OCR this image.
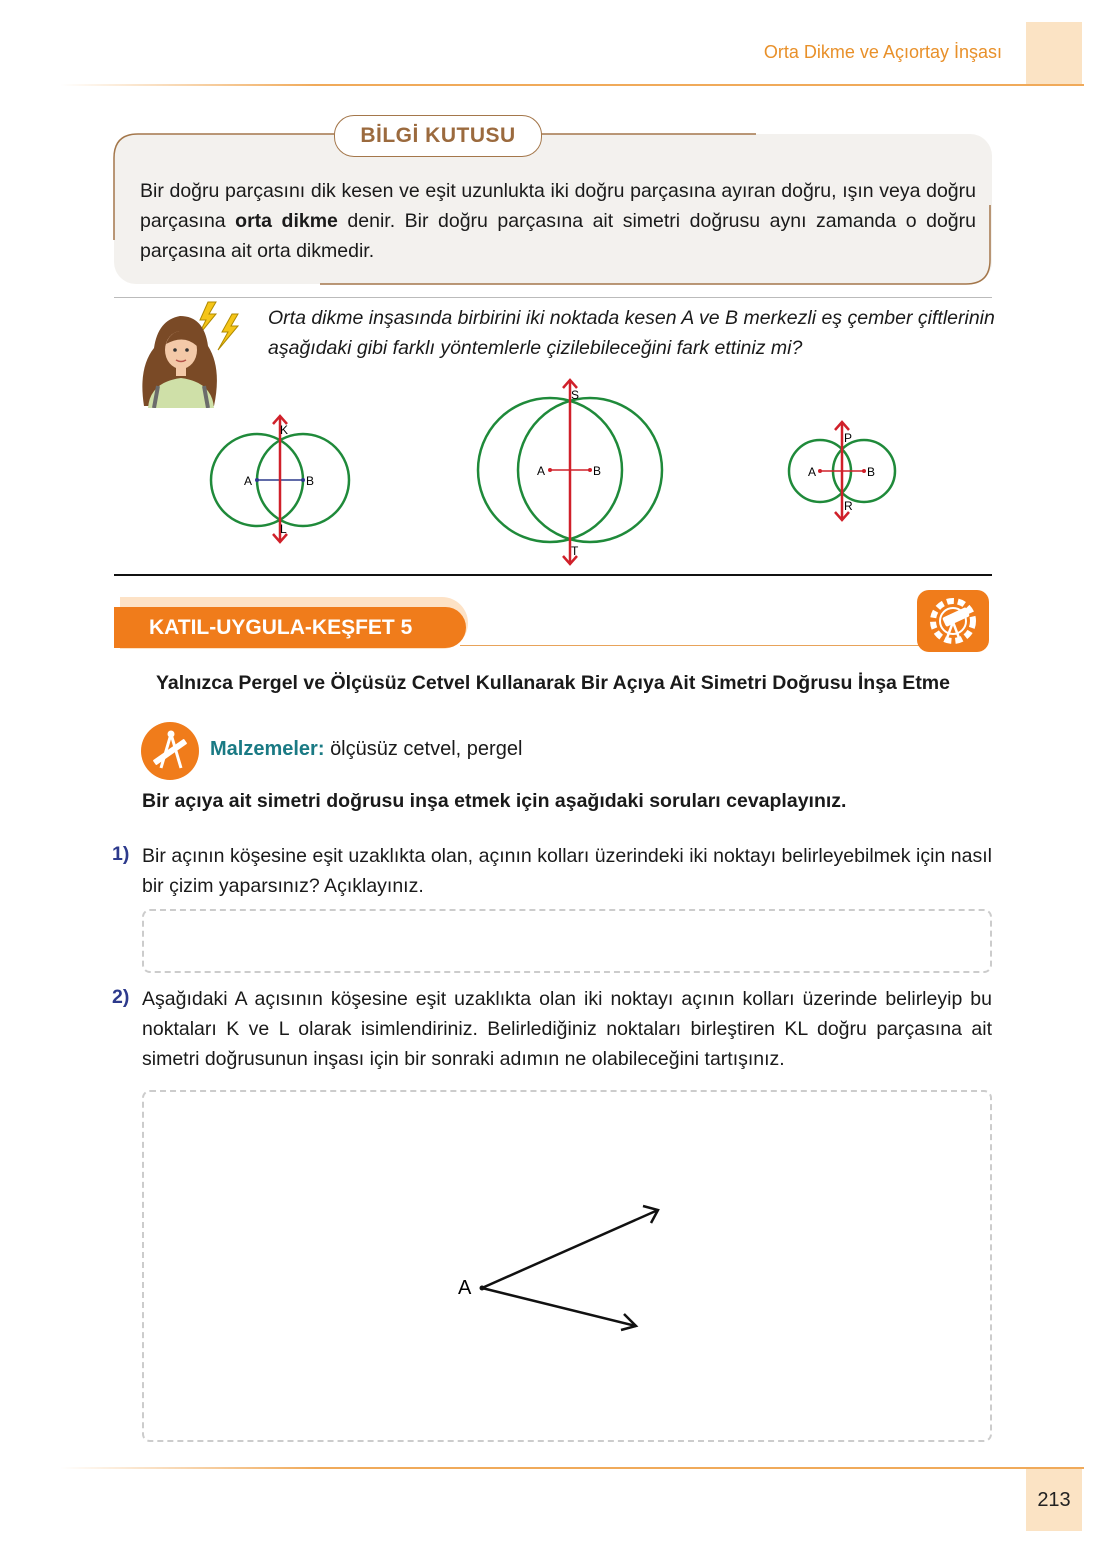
Orta Dikme ve Açıortay İnşası
BİLGİ KUTUSU
Bir doğru parçasını dik kesen ve eşit uzunlukta iki doğru parçasına ayıran doğru, ışın veya doğru parçasına orta dikme denir. Bir doğru parçasına ait simetri doğrusu aynı zamanda o doğru parçasına ait orta dikmedir.
Orta dikme inşasında birbirini iki noktada kesen A ve B merkezli eş çember çiftlerinin aşağıdaki gibi farklı yöntemlerle çizilebileceğini fark ettiniz mi?
A	B
K
L
A	B
S
T
A	B
P
R
KATIL-UYGULA-KEŞFET 5
Yalnızca Pergel ve Ölçüsüz Cetvel Kullanarak Bir Açıya Ait Simetri Doğrusu İnşa Etme
Malzemeler: ölçüsüz cetvel, pergel
Bir açıya ait simetri doğrusu inşa etmek için aşağıdaki soruları cevaplayınız.
1) Bir açının köşesine eşit uzaklıkta olan, açının kolları üzerindeki iki noktayı belirleyebilmek için nasıl bir çizim yaparsınız? Açıklayınız.
2) Aşağıdaki A açısının köşesine eşit uzaklıkta olan iki noktayı açının kolları üzerinde belirleyip bu noktaları K ve L olarak isimlendiriniz. Belirlediğiniz noktaları birleştiren KL doğru parçasına ait simetri doğrusunun inşası için bir sonraki adımın ne olabileceğini tartışınız.
A
213
